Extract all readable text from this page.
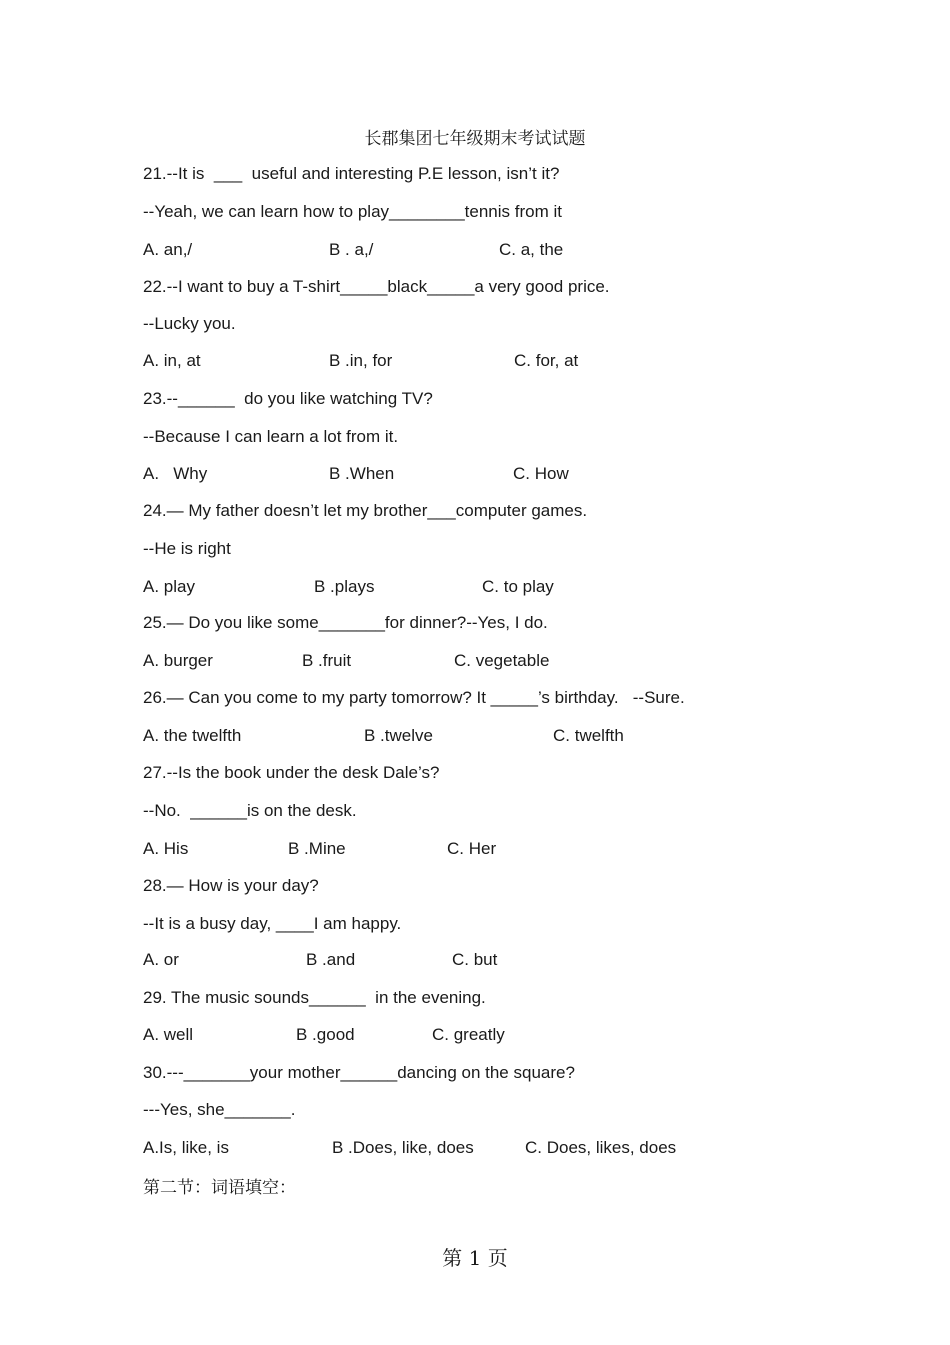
长郡集团七年级期末考试试题
21.--It is  ___  useful and interesting P.E lesson, isn’t it?
--Yeah, we can learn how to play________tennis from it
A. an,/	B . a,/	C. a, the
22.--I want to buy a T-shirt_____black_____a very good price.
--Lucky you.
A. in, at	B .in, for	C. for, at
23.--______  do you like watching TV?
--Because I can learn a lot from it.
A.   Why	B .When	C. How
24.— My father doesn’t let my brother___computer games.
--He is right
A. play	B .plays	C. to play
25.— Do you like some_______for dinner?--Yes, I do.
A. burger	B .fruit	C. vegetable
26.— Can you come to my party tomorrow? It _____’s birthday.   --Sure.
A. the twelfth	B .twelve	C. twelfth
27.--Is the book under the desk Dale’s?
--No.  ______is on the desk.
A. His	B .Mine	C. Her
28.— How is your day?
--It is a busy day, ____I am happy.
A. or	B .and	C. but
29. The music sounds______  in the evening.
A. well	B .good	C. greatly
30.---_______your mother______dancing on the square?
---Yes, she_______.
A.Is, like, is	B .Does, like, does	C. Does, likes, does
第二节：词语填空：
第 1 页
